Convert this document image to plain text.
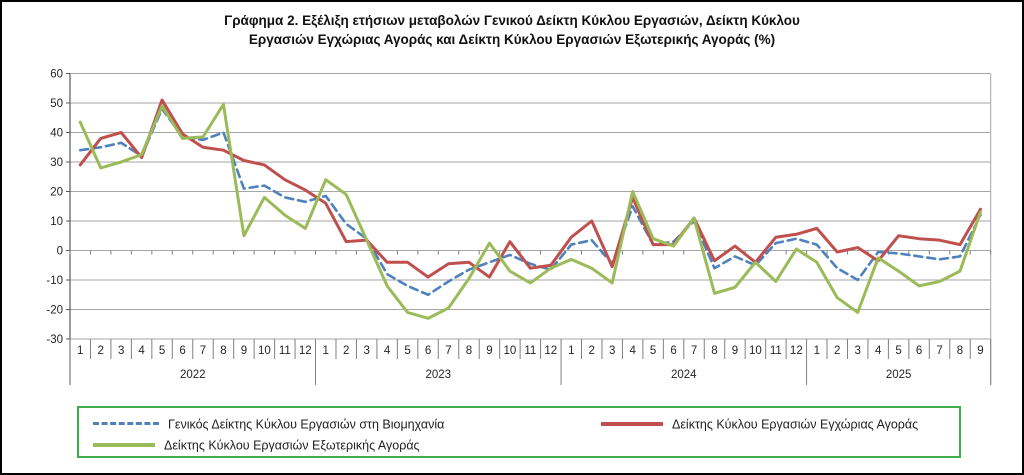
Γράφημα 2. Εξέλιξη ετήσιων μεταβολών Γενικού Δείκτη Κύκλου Εργασιών, Δείκτη Κύκλου
Εργασιών Εγχώριας Αγοράς και Δείκτη Κύκλου Εργασιών Εξωτερικής Αγοράς (%)
60
50
40
30
20
10
0
-10
-20
-30
1 2 3 4 5 6 7 8 9 10 11 12 1 2 3 4 5 6 7 8 9 10 11 12 1 2 3 4 5 6 7 8 9 10 11 12 1 2 3 4 5 6 7 8 9
2022	2023	2024	2025
Γενικός Δείκτης Κύκλου Εργασιών στη Βιομηχανία	Δείκτης Κύκλου Εργασιών Εγχώριας Αγοράς
Δείκτης Κύκλου Εργασιών Εξωτερικής Αγοράς
